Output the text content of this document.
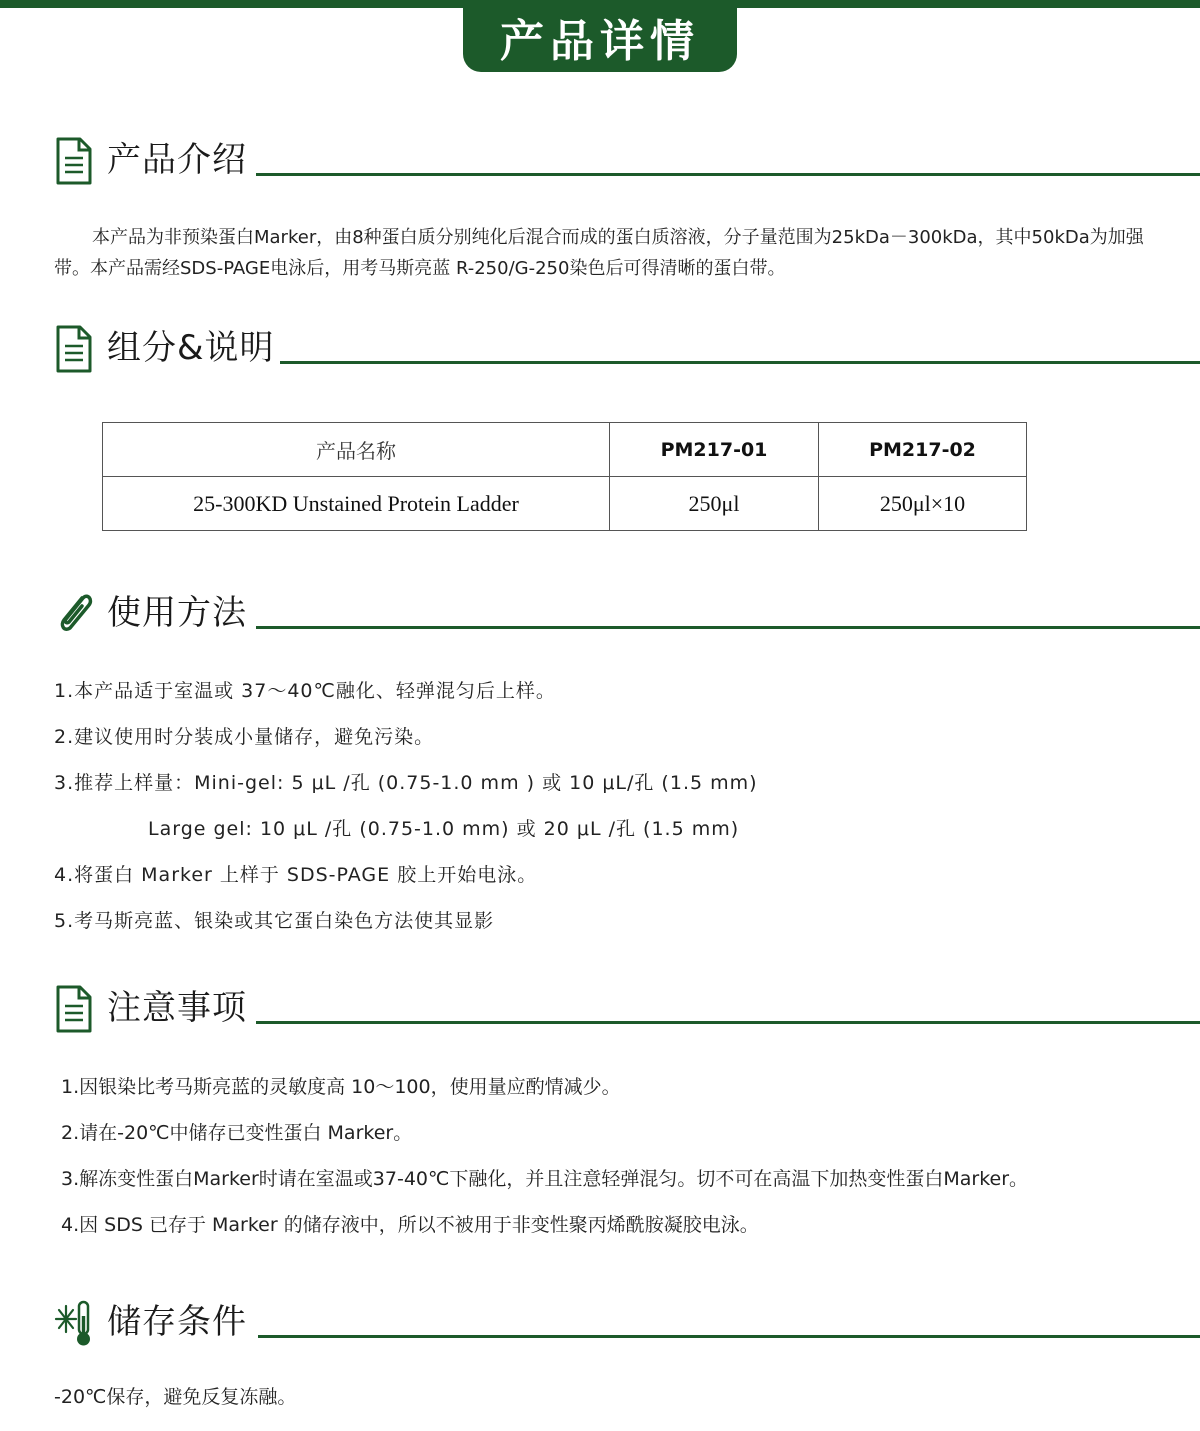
产品详情
产品介绍
本产品为非预染蛋白Marker，由8种蛋白质分别纯化后混合而成的蛋白质溶液，分子量范围为25kDa－300kDa，其中50kDa为加强带。本产品需经SDS-PAGE电泳后，用考马斯亮蓝 R-250/G-250染色后可得清晰的蛋白带。
组分&说明
产品名称	PM217-01	PM217-02
25-300KD Unstained Protein Ladder	250μl	250μl×10
使用方法
1.本产品适于室温或 37～40℃融化、轻弹混匀后上样。
2.建议使用时分装成小量储存，避免污染。
3.推荐上样量：Mini-gel: 5 μL /孔 (0.75-1.0 mm ) 或 10 μL/孔 (1.5 mm)
Large gel: 10 μL /孔 (0.75-1.0 mm) 或 20 μL /孔 (1.5 mm)
4.将蛋白 Marker 上样于 SDS-PAGE 胶上开始电泳。
5.考马斯亮蓝、银染或其它蛋白染色方法使其显影
注意事项
1.因银染比考马斯亮蓝的灵敏度高 10～100，使用量应酌情减少。
2.请在-20℃中储存已变性蛋白 Marker。
3.解冻变性蛋白Marker时请在室温或37-40℃下融化，并且注意轻弹混匀。切不可在高温下加热变性蛋白Marker。
4.因 SDS 已存于 Marker 的储存液中，所以不被用于非变性聚丙烯酰胺凝胶电泳。
储存条件
-20℃保存，避免反复冻融。
